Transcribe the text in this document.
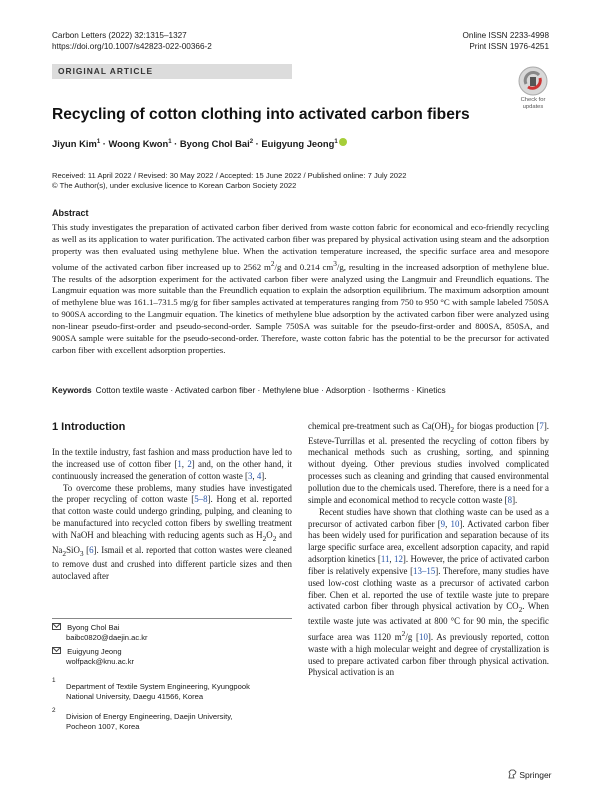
Carbon Letters (2022) 32:1315–1327
https://doi.org/10.1007/s42823-022-00366-2
Online ISSN 2233-4998
Print ISSN 1976-4251
ORIGINAL ARTICLE
Check for updates
Recycling of cotton clothing into activated carbon fibers
Jiyun Kim$^1$ · Woong Kwon$^1$ · Byong Chol Bai$^2$ · Euigyung Jeong$^1$
Received: 11 April 2022 / Revised: 30 May 2022 / Accepted: 15 June 2022 / Published online: 7 July 2022
© The Author(s), under exclusive licence to Korean Carbon Society 2022
Abstract

This study investigates the preparation of activated carbon fiber derived from waste cotton fabric for economical and eco-friendly recycling as well as its application to water purification. The activated carbon fiber was prepared by physical activation using steam and the adsorption property was then evaluated using methylene blue. When the activation temperature increased, the specific surface area and mesopore volume of the activated carbon fiber increased up to 2562 $m^2/g$ and 0.214 $cm^3/g$, resulting in the increased adsorption of methylene blue. The results of the adsorption experiment for the activated carbon fiber were analyzed using the Langmuir and Freundlich equations. The Langmuir equation was more suitable than the Freundlich equation to explain the adsorption equilibrium. The maximum adsorption amount of methylene blue was 161.1–731.5 mg/g for fiber samples activated at temperatures ranging from 750 to 950 °C with sample labeled 750SA to 900SA according to the Langmuir equation. The kinetics of methylene blue adsorption by the activated carbon fiber were analyzed using non-linear pseudo-first-order and pseudo-second-order. Sample 750SA was suitable for the pseudo-first-order and 800SA, 850SA, and 900SA sample were suitable for the pseudo-second-order. Therefore, waste cotton fabric has the potential to be the precursor for activated carbon fiber with excellent adsorption properties.

Keywords Cotton textile waste · Activated carbon fiber · Methylene blue · Adsorption · Isotherms · Kinetics
1 Introduction

In the textile industry, fast fashion and mass production have led to the increased use of cotton fiber [1, 2] and, on the other hand, it continuously increased the generation of cotton waste [3, 4].

To overcome these problems, many studies have investigated the proper recycling of cotton waste [5–8]. Hong et al. reported that cotton waste could undergo grinding, pulping, and cleaning to be manufactured into recycled cotton fibers by swelling treatment with NaOH and bleaching with reducing agents such as $H_2O_2$ and $Na_2SiO_3$ [6]. Ismail et al. reported that cotton wastes were cleaned to remove dust and crushed into different particle sizes and then autoclaved after

Byong Chol Bai
baibc0820@daejin.ac.kr
Euigyung Jeong
wolfpack@knu.ac.kr
$^1$
Department of Textile System Engineering, Kyungpook
National University, Daegu 41566, Korea
$^2$
Division of Energy Engineering, Daejin University,
Pocheon 1007, Korea

chemical pre-treatment such as $Ca(OH)_2$ for biogas production [7]. Esteve-Turrillas et al. presented the recycling of cotton fibers by mechanical methods such as crushing, sorting, and spinning without dyeing. Other previous studies involved complicated processes such as cleaning and grinding that caused environmental pollution due to the chemicals used. Therefore, there is a need for a simple and economical method to recycle cotton waste [8].

Recent studies have shown that clothing waste can be used as a precursor of activated carbon fiber [9, 10]. Activated carbon fiber has been widely used for purification and separation because of its large specific surface area, excellent adsorption capacity, and rapid adsorption kinetics [11, 12]. However, the price of activated carbon fiber is relatively expensive [13–15]. Therefore, many studies have used low-cost clothing waste as a precursor of activated carbon fiber. Chen et al. reported the use of textile waste jute to prepare activated carbon fiber through physical activation by $CO_2$. When textile waste jute was activated at 800 °C for 90 min, the specific surface area was 1120 $m^2/g$ [10]. As previously reported, cotton waste with a high molecular weight and degree of crystallization is used to prepare activated carbon fiber through physical activation. Physical activation is an

Springer
